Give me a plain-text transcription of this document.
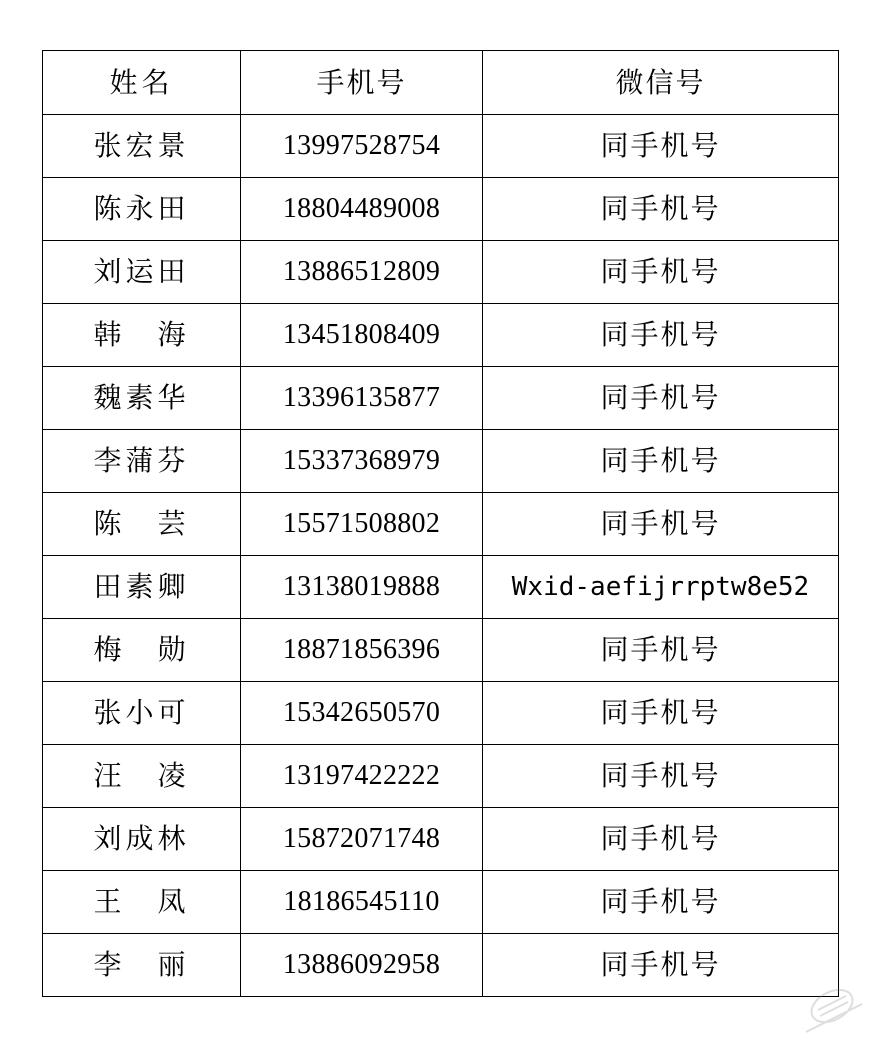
姓名	手机号	微信号
张宏景	13997528754	同手机号
陈永田	18804489008	同手机号
刘运田	13886512809	同手机号
韩　海	13451808409	同手机号
魏素华	13396135877	同手机号
李蒲芬	15337368979	同手机号
陈　芸	15571508802	同手机号
田素卿	13138019888	Wxid-aefijrrptw8e52
梅　勋	18871856396	同手机号
张小可	15342650570	同手机号
汪　凌	13197422222	同手机号
刘成林	15872071748	同手机号
王　凤	18186545110	同手机号
李　丽	13886092958	同手机号
